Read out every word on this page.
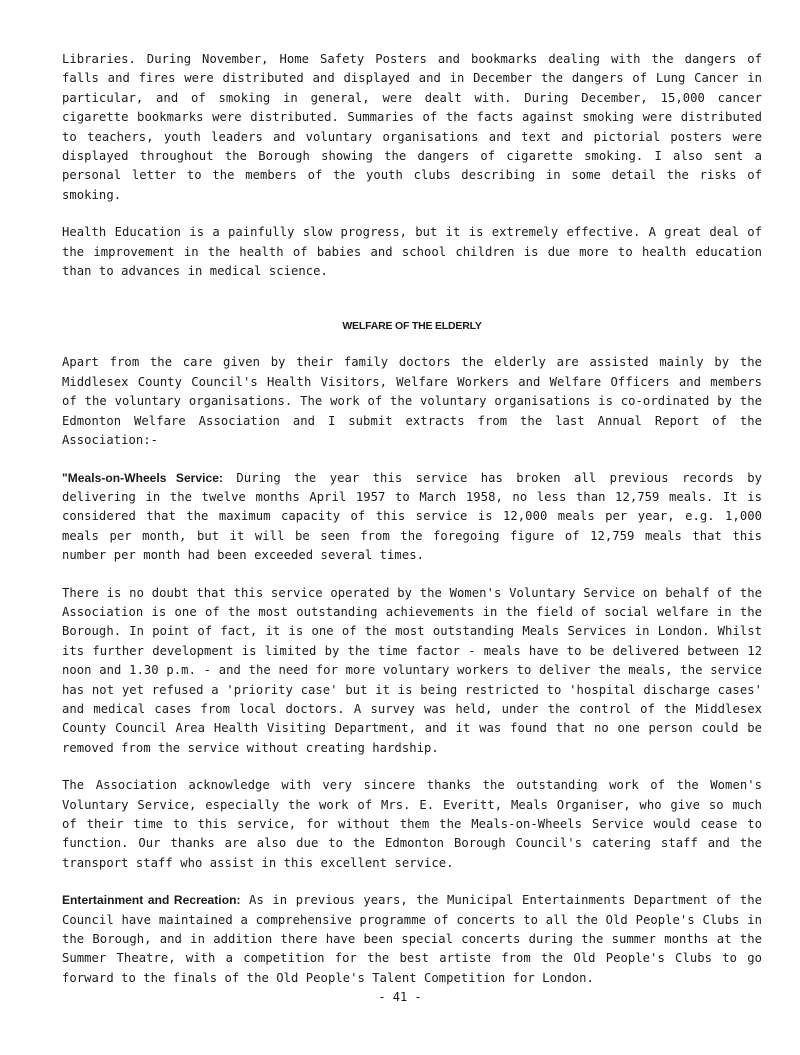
Libraries. During November, Home Safety Posters and bookmarks dealing with the dangers of falls and fires were distributed and displayed and in December the dangers of Lung Cancer in particular, and of smoking in general, were dealt with. During December, 15,000 cancer cigarette bookmarks were distributed. Summaries of the facts against smoking were distributed to teachers, youth leaders and voluntary organisations and text and pictorial posters were displayed throughout the Borough showing the dangers of cigarette smoking. I also sent a personal letter to the members of the youth clubs describing in some detail the risks of smoking.

Health Education is a painfully slow progress, but it is extremely effective. A great deal of the improvement in the health of babies and school children is due more to health education than to advances in medical science.

WELFARE OF THE ELDERLY

Apart from the care given by their family doctors the elderly are assisted mainly by the Middlesex County Council's Health Visitors, Welfare Workers and Welfare Officers and members of the voluntary organisations. The work of the voluntary organisations is co-ordinated by the Edmonton Welfare Association and I submit extracts from the last Annual Report of the Association:-

"Meals-on-Wheels Service: During the year this service has broken all previous records by delivering in the twelve months April 1957 to March 1958, no less than 12,759 meals. It is considered that the maximum capacity of this service is 12,000 meals per year, e.g. 1,000 meals per month, but it will be seen from the foregoing figure of 12,759 meals that this number per month had been exceeded several times.

There is no doubt that this service operated by the Women's Voluntary Service on behalf of the Association is one of the most outstanding achievements in the field of social welfare in the Borough. In point of fact, it is one of the most outstanding Meals Services in London. Whilst its further development is limited by the time factor - meals have to be delivered between 12 noon and 1.30 p.m. - and the need for more voluntary workers to deliver the meals, the service has not yet refused a 'priority case' but it is being restricted to 'hospital discharge cases' and medical cases from local doctors. A survey was held, under the control of the Middlesex County Council Area Health Visiting Department, and it was found that no one person could be removed from the service without creating hardship.

The Association acknowledge with very sincere thanks the outstanding work of the Women's Voluntary Service, especially the work of Mrs. E. Everitt, Meals Organiser, who give so much of their time to this service, for without them the Meals-on-Wheels Service would cease to function. Our thanks are also due to the Edmonton Borough Council's catering staff and the transport staff who assist in this excellent service.

Entertainment and Recreation: As in previous years, the Municipal Entertainments Department of the Council have maintained a comprehensive programme of concerts to all the Old People's Clubs in the Borough, and in addition there have been special concerts during the summer months at the Summer Theatre, with a competition for the best artiste from the Old People's Clubs to go forward to the finals of the Old People's Talent Competition for London.

- 41 -
